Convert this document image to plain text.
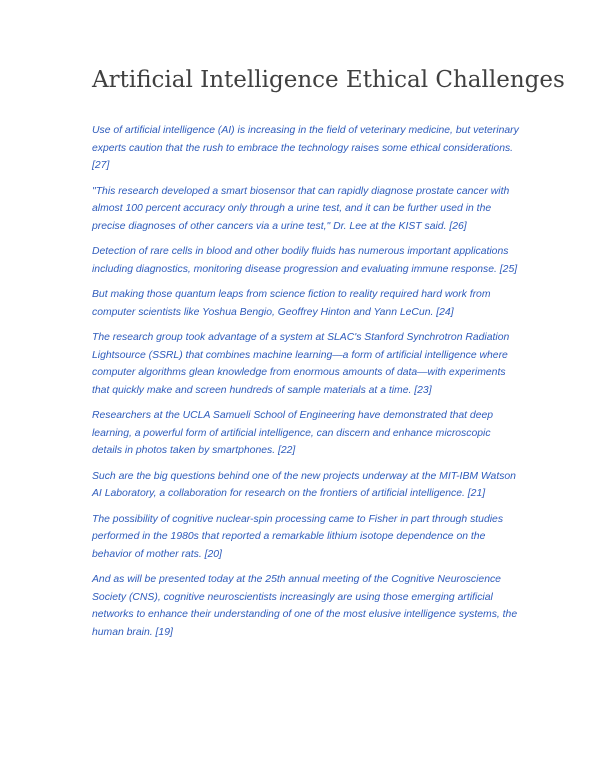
Artificial Intelligence Ethical Challenges

Use of artificial intelligence (AI) is increasing in the field of veterinary medicine, but veterinary experts caution that the rush to embrace the technology raises some ethical considerations. [27]

"This research developed a smart biosensor that can rapidly diagnose prostate cancer with almost 100 percent accuracy only through a urine test, and it can be further used in the precise diagnoses of other cancers via a urine test," Dr. Lee at the KIST said. [26]

Detection of rare cells in blood and other bodily fluids has numerous important applications including diagnostics, monitoring disease progression and evaluating immune response. [25]

But making those quantum leaps from science fiction to reality required hard work from computer scientists like Yoshua Bengio, Geoffrey Hinton and Yann LeCun. [24]

The research group took advantage of a system at SLAC's Stanford Synchrotron Radiation Lightsource (SSRL) that combines machine learning—a form of artificial intelligence where computer algorithms glean knowledge from enormous amounts of data—with experiments that quickly make and screen hundreds of sample materials at a time. [23]

Researchers at the UCLA Samueli School of Engineering have demonstrated that deep learning, a powerful form of artificial intelligence, can discern and enhance microscopic details in photos taken by smartphones. [22]

Such are the big questions behind one of the new projects underway at the MIT-IBM Watson AI Laboratory, a collaboration for research on the frontiers of artificial intelligence. [21]

The possibility of cognitive nuclear-spin processing came to Fisher in part through studies performed in the 1980s that reported a remarkable lithium isotope dependence on the behavior of mother rats. [20]

And as will be presented today at the 25th annual meeting of the Cognitive Neuroscience Society (CNS), cognitive neuroscientists increasingly are using those emerging artificial networks to enhance their understanding of one of the most elusive intelligence systems, the human brain. [19]
